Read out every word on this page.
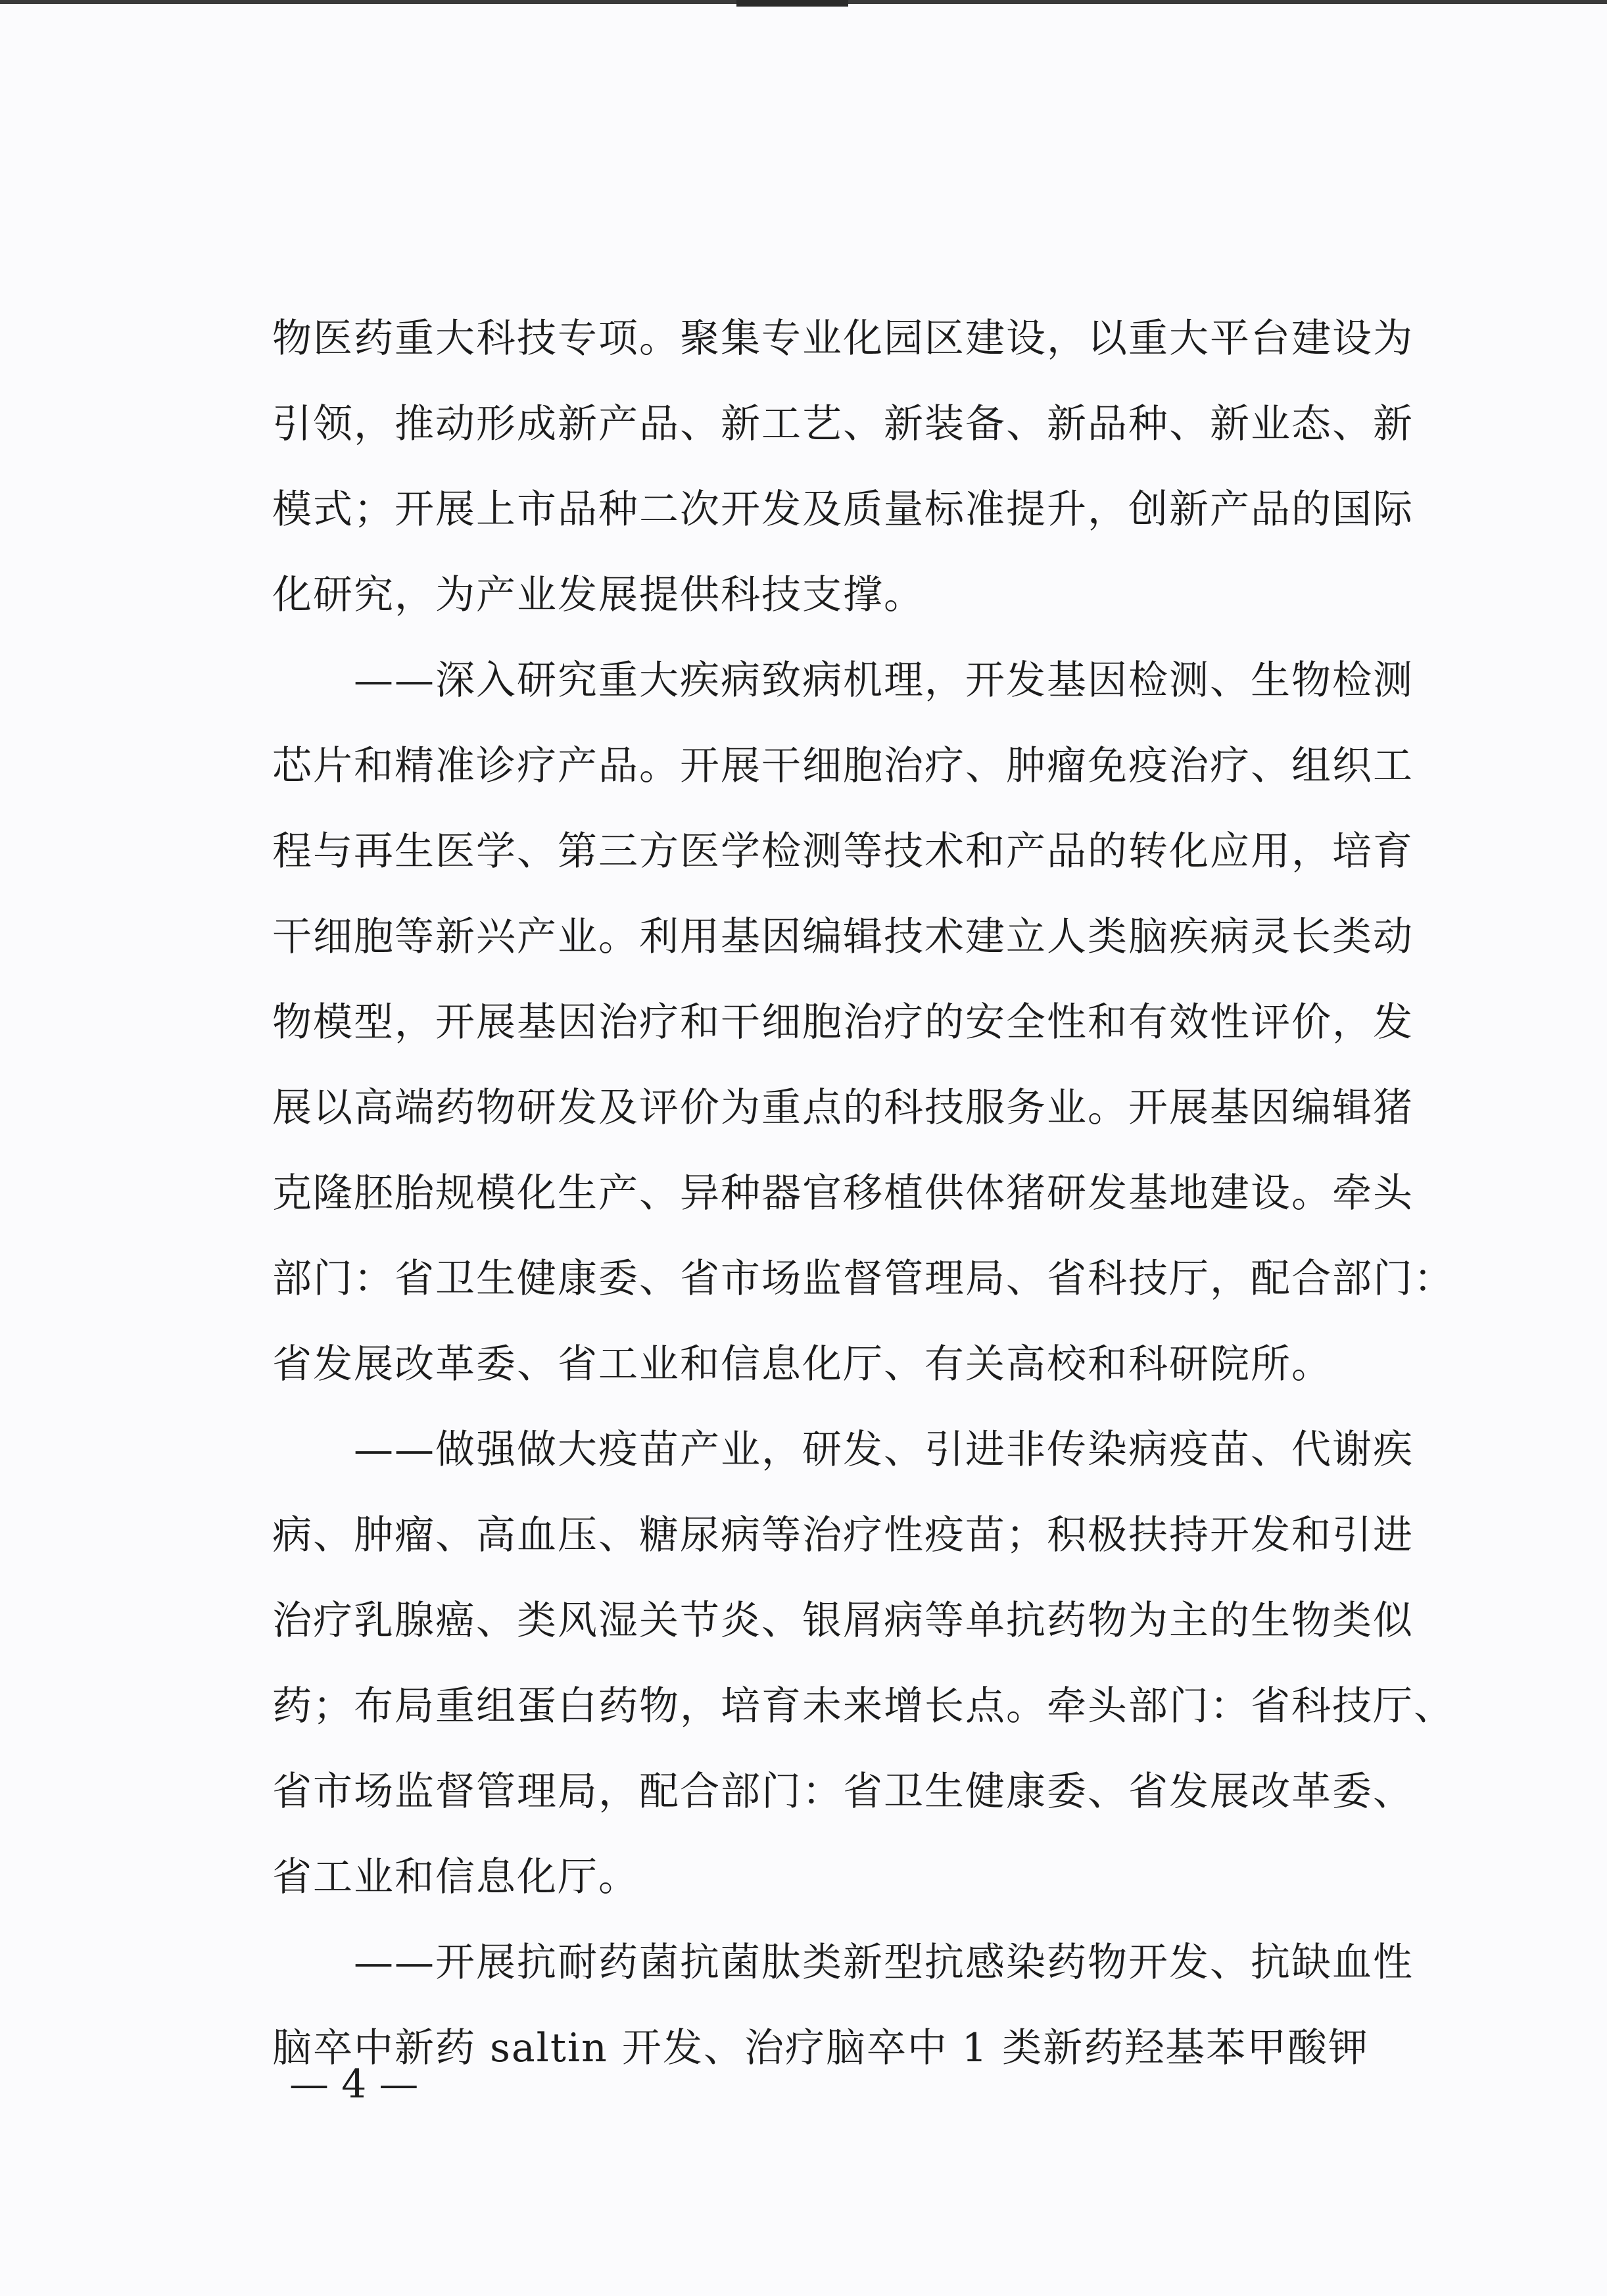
物医药重大科技专项。聚集专业化园区建设，以重大平台建设为
引领，推动形成新产品、新工艺、新装备、新品种、新业态、新
模式；开展上市品种二次开发及质量标准提升，创新产品的国际
化研究，为产业发展提供科技支撑。
——深入研究重大疾病致病机理，开发基因检测、生物检测
芯片和精准诊疗产品。开展干细胞治疗、肿瘤免疫治疗、组织工
程与再生医学、第三方医学检测等技术和产品的转化应用，培育
干细胞等新兴产业。利用基因编辑技术建立人类脑疾病灵长类动
物模型，开展基因治疗和干细胞治疗的安全性和有效性评价，发
展以高端药物研发及评价为重点的科技服务业。开展基因编辑猪
克隆胚胎规模化生产、异种器官移植供体猪研发基地建设。牵头
部门：省卫生健康委、省市场监督管理局、省科技厅，配合部门：
省发展改革委、省工业和信息化厅、有关高校和科研院所。
——做强做大疫苗产业，研发、引进非传染病疫苗、代谢疾
病、肿瘤、高血压、糖尿病等治疗性疫苗；积极扶持开发和引进
治疗乳腺癌、类风湿关节炎、银屑病等单抗药物为主的生物类似
药；布局重组蛋白药物，培育未来增长点。牵头部门：省科技厅、
省市场监督管理局，配合部门：省卫生健康委、省发展改革委、
省工业和信息化厅。
——开展抗耐药菌抗菌肽类新型抗感染药物开发、抗缺血性
脑卒中新药 saltin 开发、治疗脑卒中 1 类新药羟基苯甲酸钾
— 4 —
